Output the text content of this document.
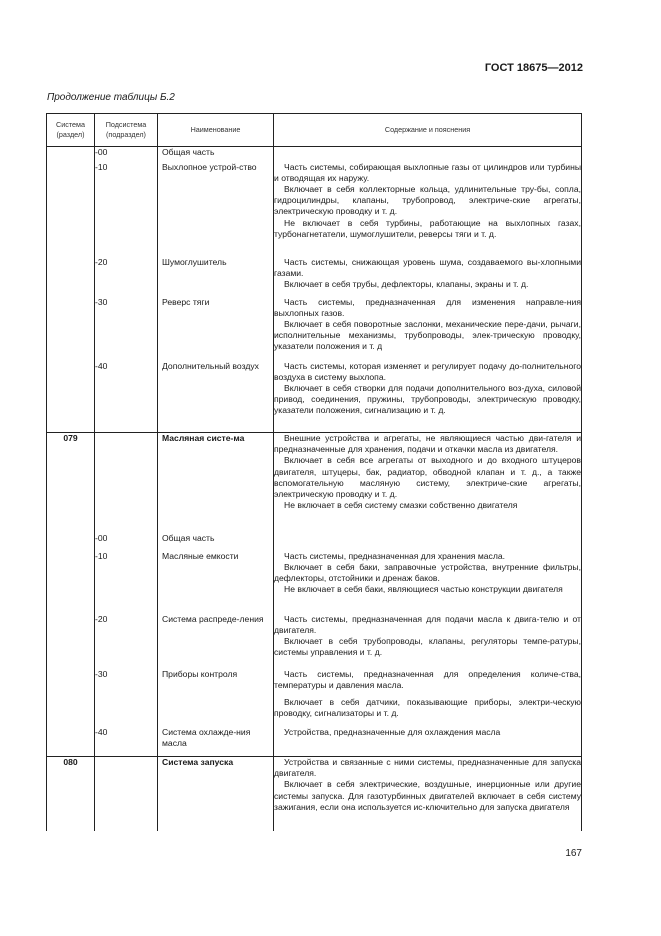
ГОСТ 18675—2012
Продолжение таблицы Б.2
Система (раздел)	Подсистема (подраздел)	Наименование	Содержание и пояснения
	-00	Общая часть	

	-10	Выхлопное устрой-ство	Часть системы, собирающая выхлопные газы от цилиндров или турбины и отводящая их наружу.

Включает в себя коллекторные кольца, удлинительные тру-бы, сопла, гидроцилиндры, клапаны, трубопровод, электриче-ские агрегаты, электрическую проводку и т. д.

Не включает в себя турбины, работающие на выхлопных газах, турбонагнетатели, шумоглушители, реверсы тяги и т. д.

	-20	Шумоглушитель	Часть системы, снижающая уровень шума, создаваемого вы-хлопными газами.

Включает в себя трубы, дефлекторы, клапаны, экраны и т. д.

	-30	Реверс тяги	Часть системы, предназначенная для изменения направле-ния выхлопных газов.

Включает в себя поворотные заслонки, механические пере-дачи, рычаги, исполнительные механизмы, трубопроводы, элек-трическую проводку, указатели положения и т. д

	-40	Дополнительный воздух	Часть системы, которая изменяет и регулирует подачу до-полнительного воздуха в систему выхлопа.

Включает в себя створки для подачи дополнительного воз-духа, силовой привод, соединения, пружины, трубопроводы, электрическую проводку, указатели положения, сигнализацию и т. д.

079		Масляная систе-ма	Внешние устройства и агрегаты, не являющиеся частью дви-гателя и предназначенные для хранения, подачи и откачки масла из двигателя.

Включает в себя все агрегаты от выходного и до входного штуцеров двигателя, штуцеры, бак, радиатор, обводной клапан и т. д., а также вспомогательную масляную систему, электриче-ские агрегаты, электрическую проводку и т. д.

Не включает в себя систему смазки собственно двигателя

	-00	Общая часть	

	-10	Масляные емкости	Часть системы, предназначенная для хранения масла.

Включает в себя баки, заправочные устройства, внутренние фильтры, дефлекторы, отстойники и дренаж баков.

Не включает в себя баки, являющиеся частью конструкции двигателя

	-20	Система распреде-ления	Часть системы, предназначенная для подачи масла к двига-телю и от двигателя.

Включает в себя трубопроводы, клапаны, регуляторы темпе-ратуры, системы управления и т. д.

	-30	Приборы контроля	Часть системы, предназначенная для определения количе-ства, температуры и давления масла.

Включает в себя датчики, показывающие приборы, электри-ческую проводку, сигнализаторы и т. д.

	-40	Система охлажде-ния масла	Устройства, предназначенные для охлаждения масла

080		Система запуска	Устройства и связанные с ними системы, предназначенные для запуска двигателя.

Включает в себя электрические, воздушные, инерционные или другие системы запуска. Для газотурбинных двигателей включает в себя систему зажигания, если она используется ис-ключительно для запуска двигателя

167
